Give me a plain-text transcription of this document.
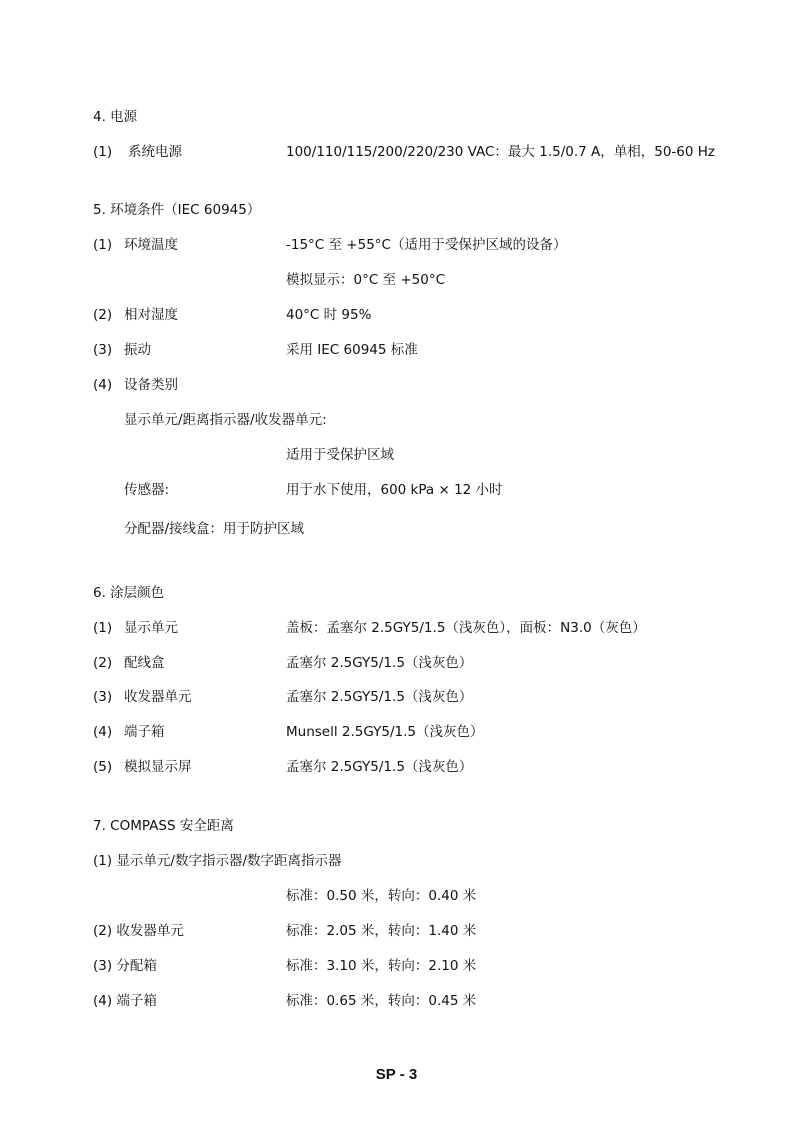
4. 电源
(1) 系统电源	100/110/115/200/220/230 VAC：最大 1.5/0.7 A，单相，50-60 Hz
5. 环境条件（IEC 60945）
(1) 环境温度	-15°C 至 +55°C（适用于受保护区域的设备）
模拟显示：0°C 至 +50°C
(2) 相对湿度	40°C 时 95%
(3) 振动	采用 IEC 60945 标准
(4) 设备类别
显示单元/距离指示器/收发器单元:
适用于受保护区域
传感器:	用于水下使用，600 kPa × 12 小时
分配器/接线盒：用于防护区域
6. 涂层颜色
(1) 显示单元	盖板：孟塞尔 2.5GY5/1.5（浅灰色），面板：N3.0（灰色）
(2) 配线盒	孟塞尔 2.5GY5/1.5（浅灰色）
(3) 收发器单元	孟塞尔 2.5GY5/1.5（浅灰色）
(4) 端子箱	Munsell 2.5GY5/1.5（浅灰色）
(5) 模拟显示屏	孟塞尔 2.5GY5/1.5（浅灰色）
7. COMPASS 安全距离
(1) 显示单元/数字指示器/数字距离指示器
标准：0.50 米，转向：0.40 米
(2) 收发器单元	标准：2.05 米，转向：1.40 米
(3) 分配箱	标准：3.10 米，转向：2.10 米
(4) 端子箱	标准：0.65 米，转向：0.45 米
SP - 3
